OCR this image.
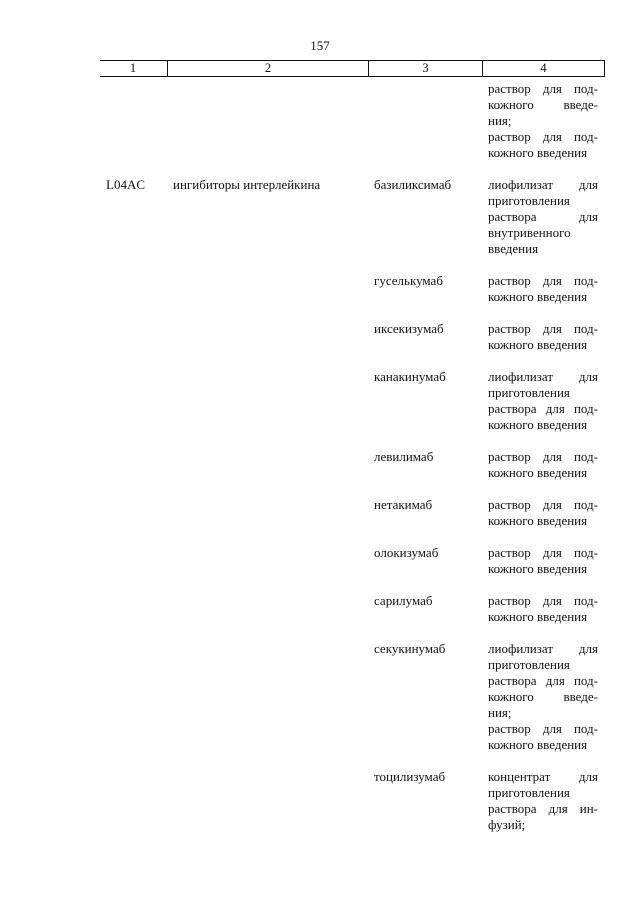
157
1	2	3	4
раствор для под-
кожного введе-
ния;
раствор для под-
кожного введения
L04AC	ингибиторы интерлейкина	базиликсимаб	лиофилизат для
приготовления
раствора для
внутривенного
введения
гуселькумаб	раствор для под-
кожного введения
иксекизумаб	раствор для под-
кожного введения
канакинумаб	лиофилизат для
приготовления
раствора для под-
кожного введения
левилимаб	раствор для под-
кожного введения
нетакимаб	раствор для под-
кожного введения
олокизумаб	раствор для под-
кожного введения
сарилумаб	раствор для под-
кожного введения
секукинумаб	лиофилизат для
приготовления
раствора для под-
кожного введе-
ния;
раствор для под-
кожного введения
тоцилизумаб	концентрат для
приготовления
раствора для ин-
фузий;
